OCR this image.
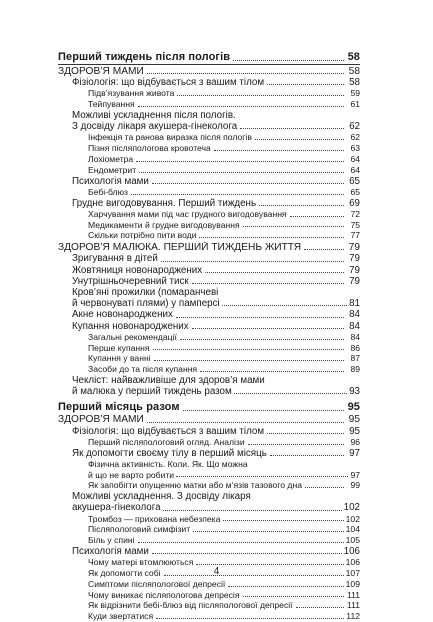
Перший тиждень після пологів	58
ЗДОРОВ’Я МАМИ	58
Фізіологія: що відбувається з вашим тілом	58
Підв’язування живота	59
Тейпування	61
Можливі ускладнення після пологів.
З досвіду лікаря акушера-гінеколога	62
Інфекція та ранова виразка після пологів	62
Пізня післяпологова кровотеча	63
Лохіометра	64
Ендометрит	64
Психологія мами	65
Бебі-блюз	65
Грудне вигодовування. Перший тиждень	69
Харчування мами під час грудного вигодовування	72
Медикаменти й грудне вигодовування	75
Скільки потрібно пити води	77
ЗДОРОВ’Я МАЛЮКА. ПЕРШИЙ ТИЖДЕНЬ ЖИТТЯ	79
Зригування в дітей	79
Жовтяниця новонароджених	79
Унутрішньочеревний тиск	79
Кров’яні прожилки (помаранчеві
й червонуваті плями) у памперсі	81
Акне новонароджених	84
Купання новонароджених	84
Загальні рекомендації	84
Перше купання	86
Купання у ванні	87
Засоби до та після купання	89
Чекліст: найважливіше для здоров’я мами
й малюка у перший тиждень разом	93
Перший місяць разом	95
ЗДОРОВ’Я МАМИ	95
Фізіологія: що відбувається з вашим тілом	95
Перший післяпологовий огляд. Аналізи	96
Як допомогти своєму тілу в перший місяць	97
Фізична активність. Коли. Як. Що можна
й що не варто робити	97
Як запобігти опущенню матки або м’язів тазового дна	99
Можливі ускладнення. З досвіду лікаря
акушера-гінеколога	102
Тромбоз — прихована небезпека	102
Післяпологовий симфізит	104
Біль у спині	105
Психологія мами	106
Чому матері втомлюються	106
Як допомогти собі	107
Симптоми післяпологової депресії	109
Чому виникає післяпологова депресія	111
Як відрізнити бебі-блюз від післяпологової депресії	111
Куди звертатися	112
4
